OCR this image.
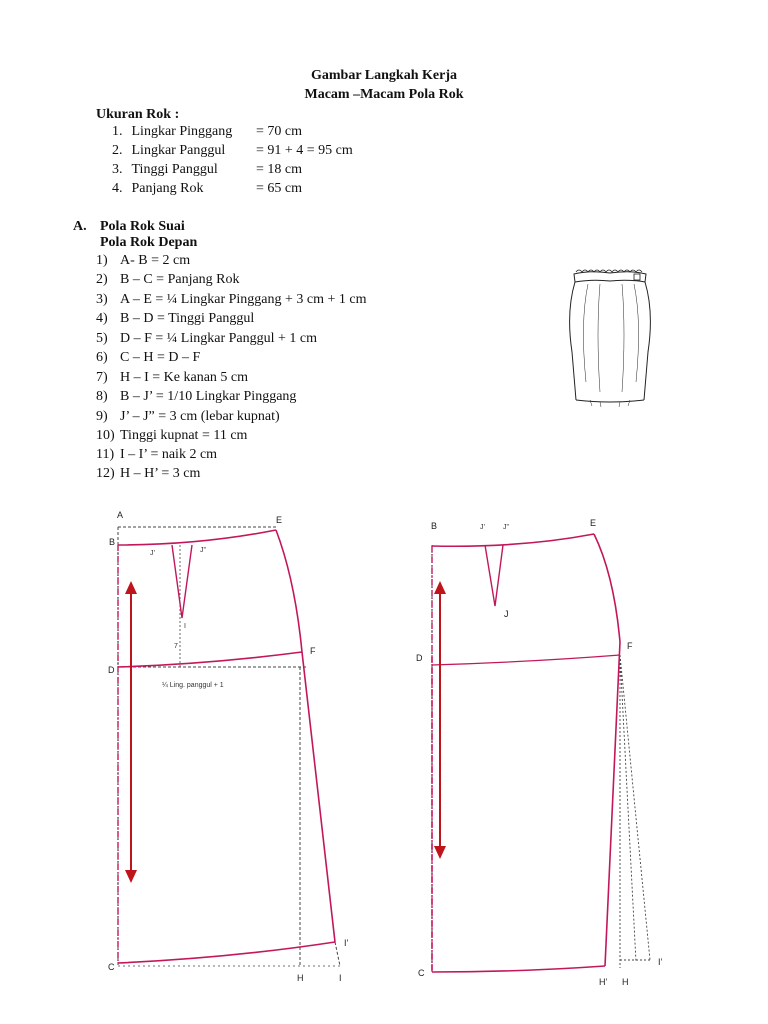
Gambar Langkah Kerja
Macam –Macam Pola Rok
Ukuran Rok :
1. Lingkar Pinggang = 70 cm
2. Lingkar Panggul = 91 + 4 = 95 cm
3. Tinggi Panggul	= 18 cm
4. Panjang Rok	= 65 cm
A. Pola Rok Suai
Pola Rok Depan
1) A- B = 2 cm
2) B – C = Panjang Rok
3) A – E = ¼ Lingkar Pinggang + 3 cm + 1 cm
4) B – D = Tinggi Panggul
5) D – F = ¼ Lingkar Panggul + 1 cm
6) C – H = D – F
7) H – I = Ke kanan 5 cm
8) B – J’ = 1/10 Lingkar Pinggang
9) J’ – J” = 3 cm (lebar kupnat)
10) Tinggi kupnat = 11 cm
11) I – I’ = naik 2 cm
12) H – H’ = 3 cm
A
B
E
J’	J”
I
7
D
F
¼ Ling. panggul + 1
C
H	I
I’
B	J’	J”	E
J
D
F
C
H’ H
I’
